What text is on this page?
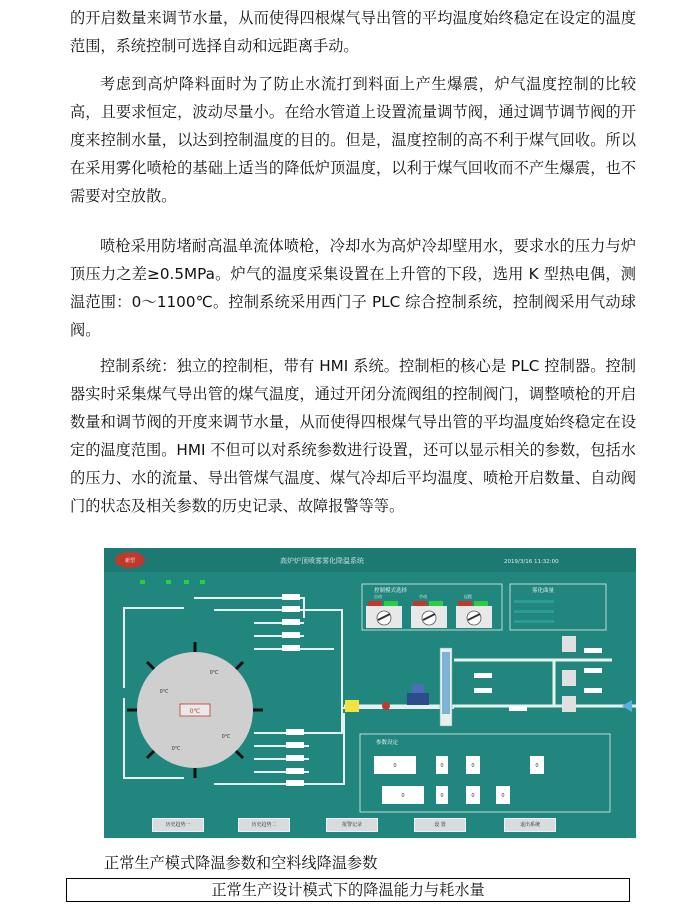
的开启数量来调节水量，从而使得四根煤气导出管的平均温度始终稳定在设定的温度范围，系统控制可选择自动和远距离手动。

考虑到高炉降料面时为了防止水流打到料面上产生爆震，炉气温度控制的比较高，且要求恒定，波动尽量小。在给水管道上设置流量调节阀，通过调节调节阀的开度来控制水量，以达到控制温度的目的。但是，温度控制的高不利于煤气回收。所以在采用雾化喷枪的基础上适当的降低炉顶温度，以利于煤气回收而不产生爆震，也不需要对空放散。

喷枪采用防堵耐高温单流体喷枪，冷却水为高炉冷却壁用水，要求水的压力与炉顶压力之差≥0.5MPa。炉气的温度采集设置在上升管的下段，选用 K 型热电偶，测温范围：0～1100℃。控制系统采用西门子 PLC 综合控制系统，控制阀采用气动球阀。

控制系统：独立的控制柜，带有 HMI 系统。控制柜的核心是 PLC 控制器。控制器实时采集煤气导出管的煤气温度，通过开闭分流阀组的控制阀门，调整喷枪的开启数量和调节阀的开度来调节水量，从而使得四根煤气导出管的平均温度始终稳定在设定的温度范围。HMI 不但可以对系统参数进行设置，还可以显示相关的参数，包括水的压力、水的流量、导出管煤气温度、煤气冷却后平均温度、喷枪开启数量、自动阀门的状态及相关参数的历史记录、故障报警等等。

新型	高炉炉顶喷雾雾化降温系统	2019/3/16 11:32:00
0℃
0℃
0℃
0℃
0℃
控制模式选择
自动	手动	远程
雾化曲量
参数设定
0	0	0	0
0	0	0	0
历史趋势一	历史趋势二	报警记录	设 置	退出系统
正常生产模式降温参数和空料线降温参数
正常生产设计模式下的降温能力与耗水量
